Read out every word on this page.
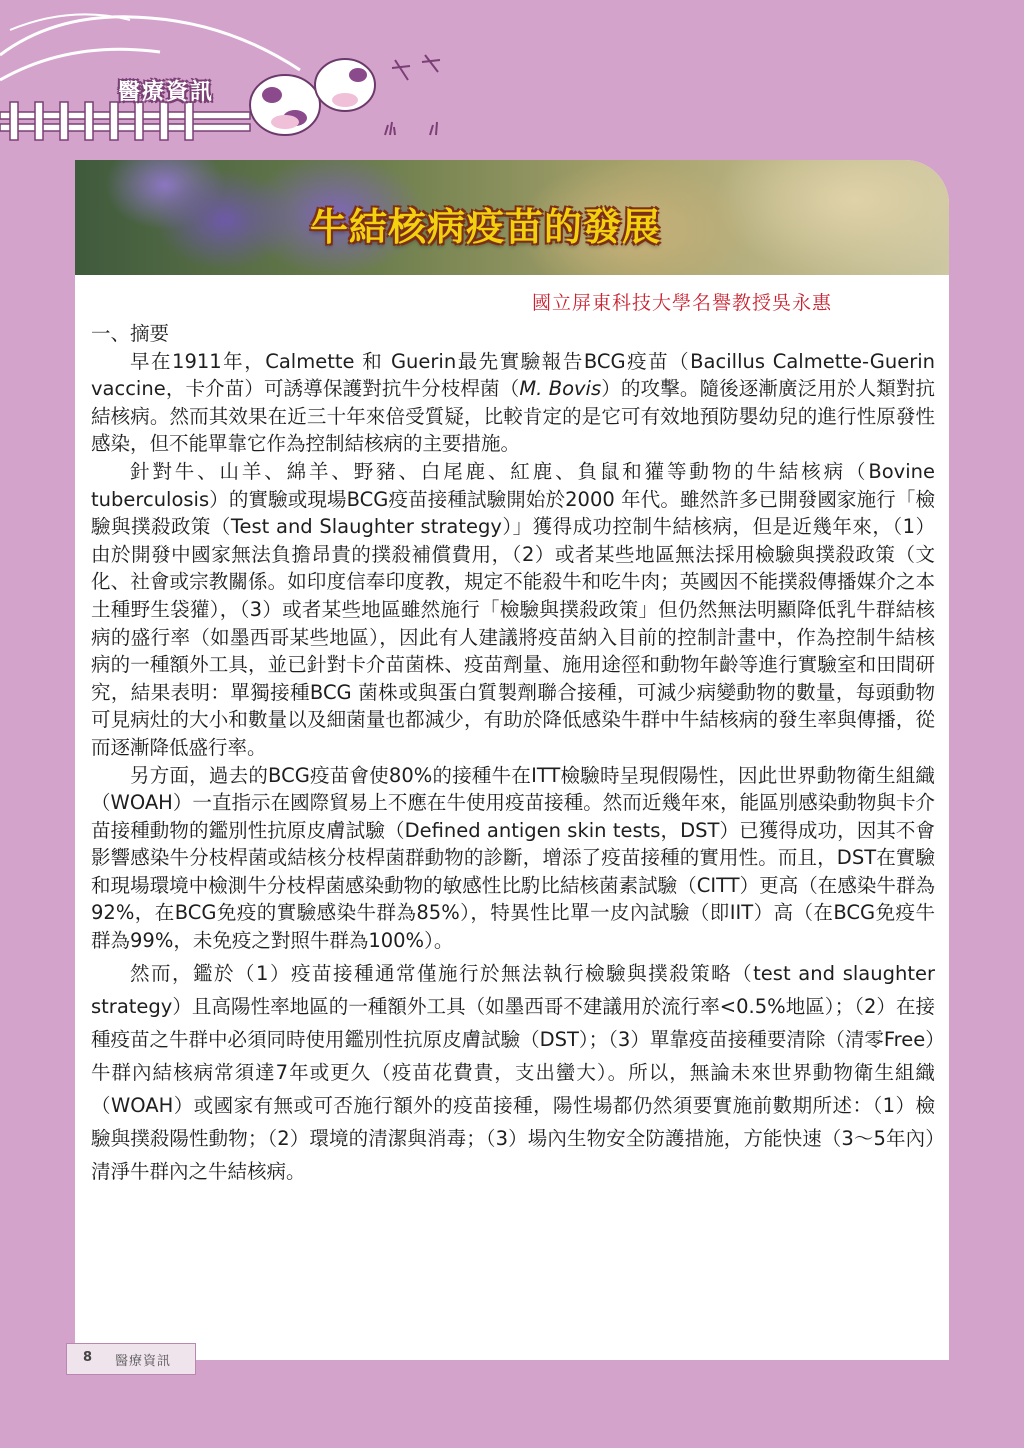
醫療資訊
牛結核病疫苗的發展
國立屏東科技大學名譽教授吳永惠

一、摘要

早在1911年，Calmette 和 Guerin最先實驗報告BCG疫苗（Bacillus Calmette-Guerin vaccine，卡介苗）可誘導保護對抗牛分枝桿菌（M. Bovis）的攻擊。隨後逐漸廣泛用於人類對抗結核病。然而其效果在近三十年來倍受質疑，比較肯定的是它可有效地預防嬰幼兒的進行性原發性感染，但不能單靠它作為控制結核病的主要措施。

針對牛、山羊、綿羊、野豬、白尾鹿、紅鹿、負鼠和獾等動物的牛結核病（Bovine tuberculosis）的實驗或現場BCG疫苗接種試驗開始於2000 年代。雖然許多已開發國家施行「檢驗與撲殺政策（Test and Slaughter strategy）」獲得成功控制牛結核病，但是近幾年來，（1）由於開發中國家無法負擔昂貴的撲殺補償費用，（2）或者某些地區無法採用檢驗與撲殺政策（文化、社會或宗教關係。如印度信奉印度教，規定不能殺牛和吃牛肉；英國因不能撲殺傳播媒介之本土種野生袋獾），（3）或者某些地區雖然施行「檢驗與撲殺政策」但仍然無法明顯降低乳牛群結核病的盛行率（如墨西哥某些地區），因此有人建議將疫苗納入目前的控制計畫中，作為控制牛結核病的一種額外工具，並已針對卡介苗菌株、疫苗劑量、施用途徑和動物年齡等進行實驗室和田間研究，結果表明：單獨接種BCG 菌株或與蛋白質製劑聯合接種，可減少病變動物的數量，每頭動物可見病灶的大小和數量以及細菌量也都減少，有助於降低感染牛群中牛結核病的發生率與傳播，從而逐漸降低盛行率。

另方面，過去的BCG疫苗會使80%的接種牛在ITT檢驗時呈現假陽性，因此世界動物衛生組織（WOAH）一直指示在國際貿易上不應在牛使用疫苗接種。然而近幾年來，能區別感染動物與卡介苗接種動物的鑑別性抗原皮膚試驗（Defined antigen skin tests，DST）已獲得成功，因其不會影響感染牛分枝桿菌或結核分枝桿菌群動物的診斷，增添了疫苗接種的實用性。而且，DST在實驗和現場環境中檢測牛分枝桿菌感染動物的敏感性比馰比結核菌素試驗（CITT）更高（在感染牛群為92%，在BCG免疫的實驗感染牛群為85%），特異性比單一皮內試驗（即IIT）高（在BCG免疫牛群為99%，未免疫之對照牛群為100%）。

然而，鑑於（1）疫苗接種通常僅施行於無法執行檢驗與撲殺策略（test and slaughter strategy）且高陽性率地區的一種額外工具（如墨西哥不建議用於流行率<0.5%地區）；（2）在接種疫苗之牛群中必須同時使用鑑別性抗原皮膚試驗（DST）；（3）單靠疫苗接種要清除（清零Free）牛群內結核病常須達7年或更久（疫苗花費貴，支出蠻大）。所以，無論未來世界動物衛生組織（WOAH）或國家有無或可否施行額外的疫苗接種，陽性場都仍然須要實施前數期所述：（1）檢驗與撲殺陽性動物；（2）環境的清潔與消毒；（3）場內生物安全防護措施，方能快速（3～5年內）清淨牛群內之牛結核病。

8 醫療資訊
